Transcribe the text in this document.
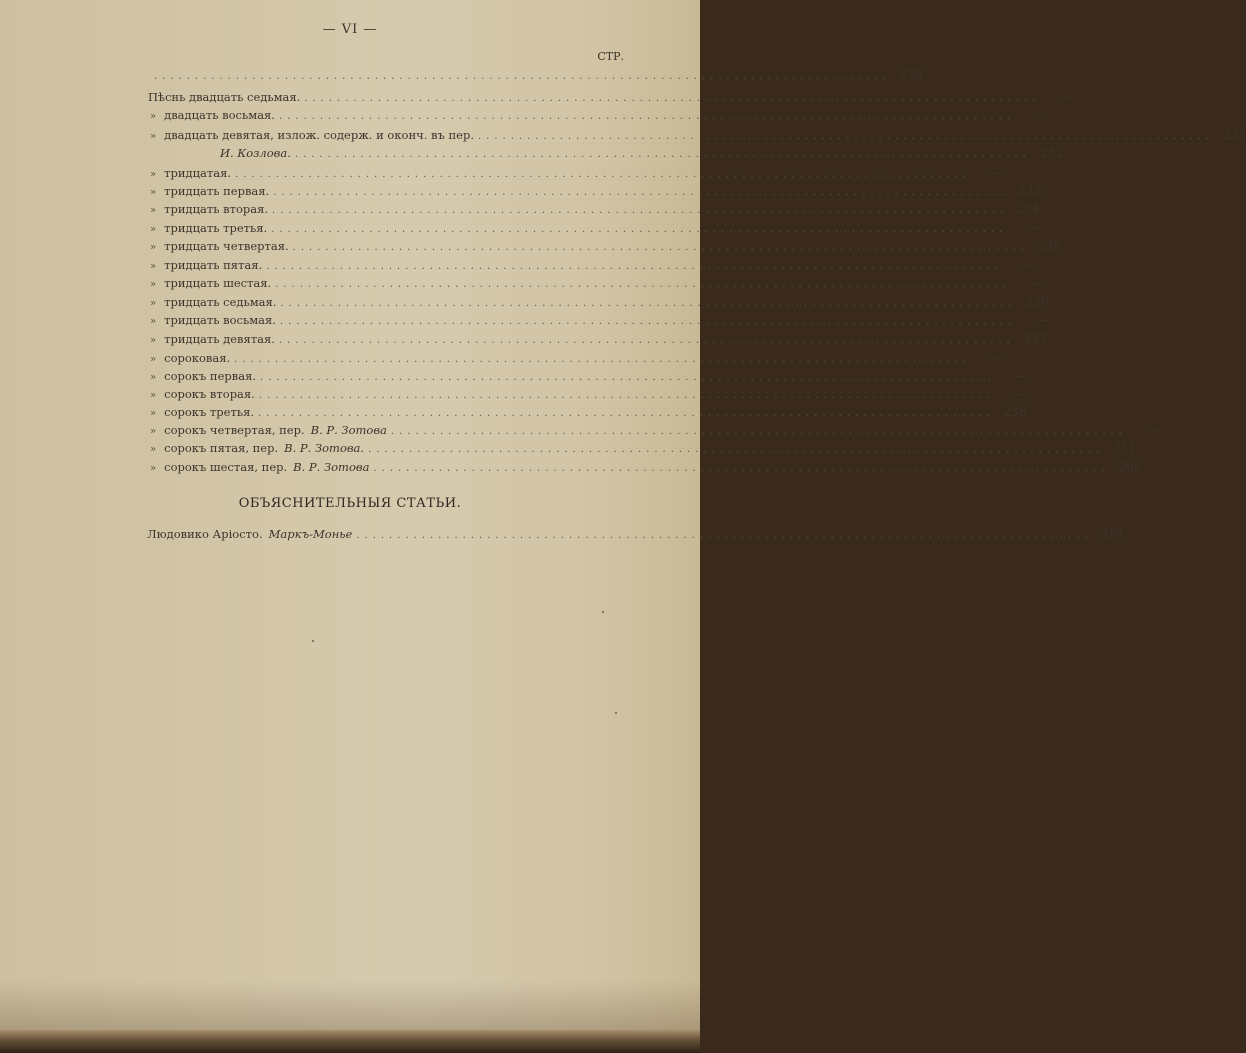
— VI —
СТР.
.......................................................................................... 230
Пѣснь двадцать седьмая. ..........................................................................................	—
» двадцать восьмая. ..........................................................................................	—
» двадцать девятая, излож. содерж. и оконч. въ пер. .......................................................................................... 231
И. Козлова. .......................................................................................... 232
» тридцатая. ..........................................................................................	—
» тридцать первая. .......................................................................................... 233
» тридцать вторая. .......................................................................................... 234
» тридцать третья. ..........................................................................................	—
» тридцать четвертая. .......................................................................................... 235
» тридцать пятая. ..........................................................................................	—
» тридцать шестая. ..........................................................................................	—
» тридцать седьмая. .......................................................................................... 236
» тридцать восьмая. ..........................................................................................	—
» тридцать девятая. .......................................................................................... 237
» сороковая. ..........................................................................................	—
» сорокъ первая. ..........................................................................................	—
» сорокъ вторая. ..........................................................................................	—
» сорокъ третья. .......................................................................................... 238
» сорокъ четвертая, пер. В. Р. Зотова ..........................................................................................	—
» сорокъ пятая, пер. В. Р. Зотова. .......................................................................................... 251
» сорокъ шестая, пер. В. Р. Зотова .......................................................................................... 266
ОБЪЯСНИТЕЛЬНЫЯ СТАТЬИ.
Людовико Аріосто. Маркъ-Монье .......................................................................................... 284
